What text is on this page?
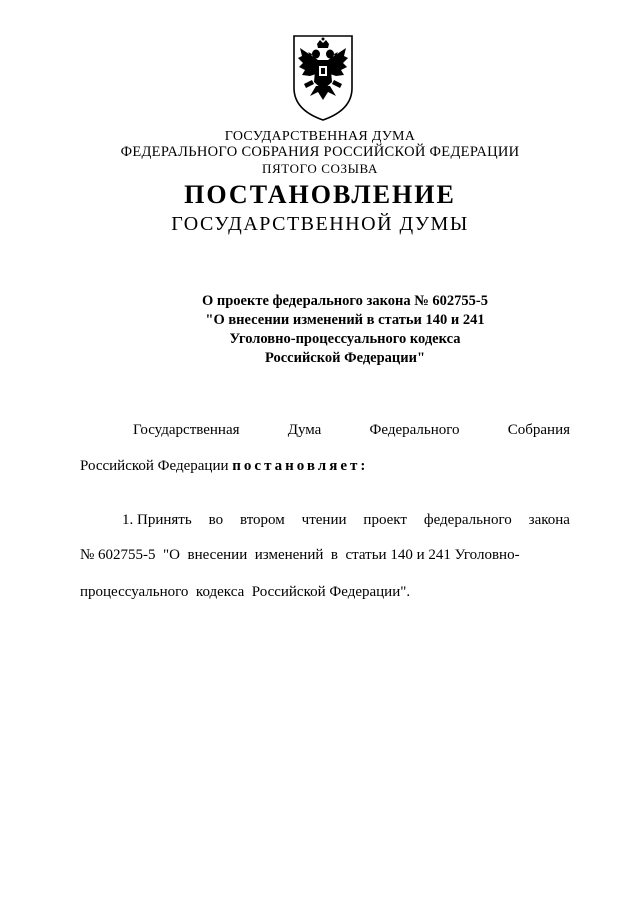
ГОСУДАРСТВЕННАЯ ДУМА
ФЕДЕРАЛЬНОГО СОБРАНИЯ РОССИЙСКОЙ ФЕДЕРАЦИИ
ПЯТОГО СОЗЫВА
ПОСТАНОВЛЕНИЕ
ГОСУДАРСТВЕННОЙ ДУМЫ
О проекте федерального закона № 602755-5
"О внесении изменений в статьи 140 и 241
Уголовно-процессуального кодекса
Российской Федерации"
Государственная	Дума	Федерального	Собрания
Российской Федерации постановляет:
1. Принять во втором чтении проект федерального закона
№ 602755-5  "О  внесении  изменений  в  статьи 140 и 241 Уголовно-
процессуального  кодекса  Российской Федерации".
